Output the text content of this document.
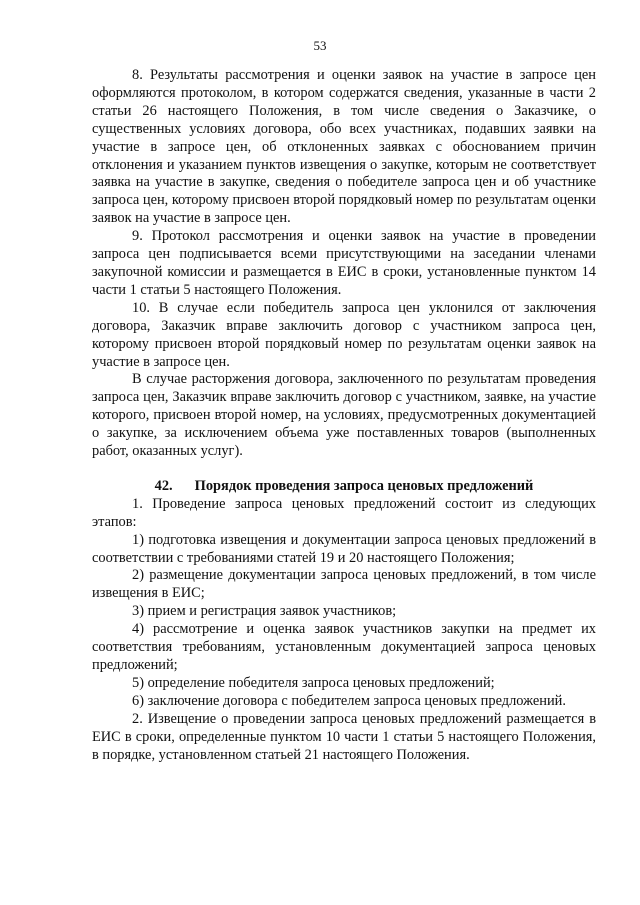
53

8. Результаты рассмотрения и оценки заявок на участие в запросе цен оформляются протоколом, в котором содержатся сведения, указанные в части 2 статьи 26 настоящего Положения, в том числе сведения о Заказчике, о существенных условиях договора, обо всех участниках, подавших заявки на участие в запросе цен, об отклоненных заявках с обоснованием причин отклонения и указанием пунктов извещения о закупке, которым не соответствует заявка на участие в закупке, сведения о победителе запроса цен и об участнике запроса цен, которому присвоен второй порядковый номер по результатам оценки заявок на участие в запросе цен.

9. Протокол рассмотрения и оценки заявок на участие в проведении запроса цен подписывается всеми присутствующими на заседании членами закупочной комиссии и размещается в ЕИС в сроки, установленные пунктом 14 части 1 статьи 5 настоящего Положения.

10. В случае если победитель запроса цен уклонился от заключения договора, Заказчик вправе заключить договор с участником запроса цен, которому присвоен второй порядковый номер по результатам оценки заявок на участие в запросе цен.

В случае расторжения договора, заключенного по результатам проведения запроса цен, Заказчик вправе заключить договор с участником, заявке, на участие которого, присвоен второй номер, на условиях, предусмотренных документацией о закупке, за исключением объема уже поставленных товаров (выполненных работ, оказанных услуг).

42. Порядок проведения запроса ценовых предложений

1. Проведение запроса ценовых предложений состоит из следующих этапов:

1) подготовка извещения и документации запроса ценовых предложений в соответствии с требованиями статей 19 и 20 настоящего Положения;

2) размещение документации запроса ценовых предложений, в том числе извещения в ЕИС;

3) прием и регистрация заявок участников;

4) рассмотрение и оценка заявок участников закупки на предмет их соответствия требованиям, установленным документацией запроса ценовых предложений;

5) определение победителя запроса ценовых предложений;

6) заключение договора с победителем запроса ценовых предложений.

2. Извещение о проведении запроса ценовых предложений размещается в ЕИС в сроки, определенные пунктом 10 части 1 статьи 5 настоящего Положения, в порядке, установленном статьей 21 настоящего Положения.
